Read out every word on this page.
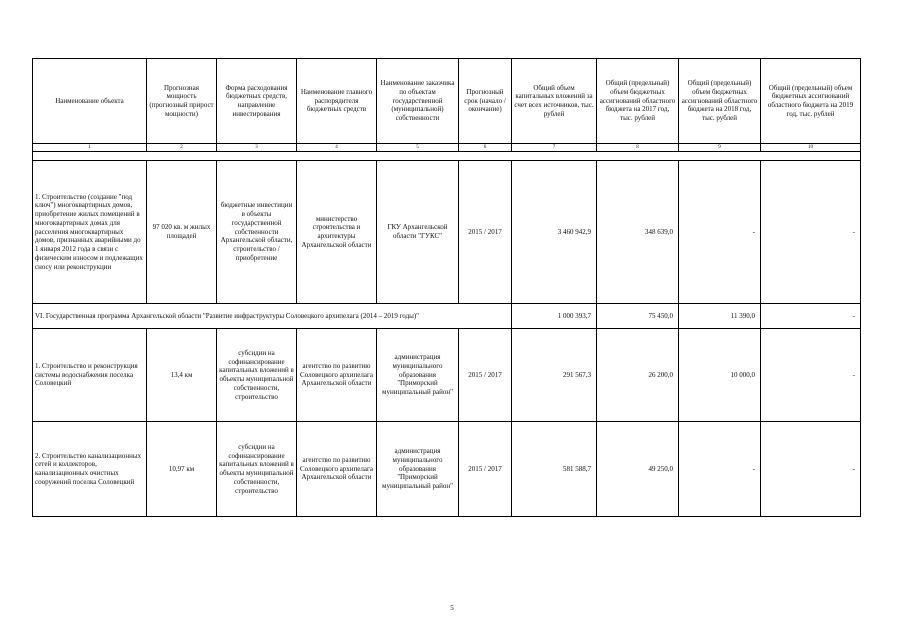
Наименование объекта	Прогнозная мощность (прогнозный прирост мощности)	Форма расходования бюджетных средств, направление инвестирования	Наименование главного распорядителя бюджетных средств	Наименование заказчика по объектам государственной (муниципальной) собственности	Прогнозный срок (начало / окончание)	Общий объем капитальных вложений за счет всех источников, тыс. рублей	Общий (предельный) объем бюджетных ассигнований областного бюджета на 2017 год, тыс. рублей	Общий (предельный) объем бюджетных ассигнований областного бюджета на 2018 год, тыс. рублей	Общий (предельный) объем бюджетных ассигнований областного бюджета на 2019 год, тыс. рублей
1	2	3	4	5	6	7	8	9	10

1. Строительство (создание "под ключ") многоквартирных домов, приобретение жилых помещений в многоквартирных домах для расселения многоквартирных домов, признанных аварийными до 1 января 2012 года в связи с физическим износом и подлежащих сносу или реконструкции	97 020 кв. м жилых площадей	бюджетные инвестиции в объекты государственной собственности Архангельской области, строительство / приобретение	министерство строительства и архитектуры Архангельской области	ГКУ Архангельской области "ГУКС"	2015 / 2017	3 460 942,9	348 639,0	-	-
VI. Государственная программа Архангельской области "Развитие инфраструктуры Соловецкого архипелага (2014 – 2019 годы)"						1 000 393,7	75 450,0	11 390,0	-
1. Строительство и реконструкция системы водоснабжения поселка Соловецкий	13,4 км	субсидии на софинансирование капитальных вложений в объекты муниципальной собственности, строительство	агентство по развитию Соловецкого архипелага Архангельской области	администрация муниципального образования "Приморский муниципальный район"	2015 / 2017	291 567,3	26 200,0	10 000,0	-
2. Строительство канализационных сетей и коллекторов, канализационных очистных сооружений поселка Соловецкий	10,97 км	субсидии на софинансирование капитальных вложений в объекты муниципальной собственности, строительство	агентство по развитию Соловецкого архипелага Архангельской области	администрация муниципального образования "Приморский муниципальный район"	2015 / 2017	581 588,7	49 250,0	-	-
5
